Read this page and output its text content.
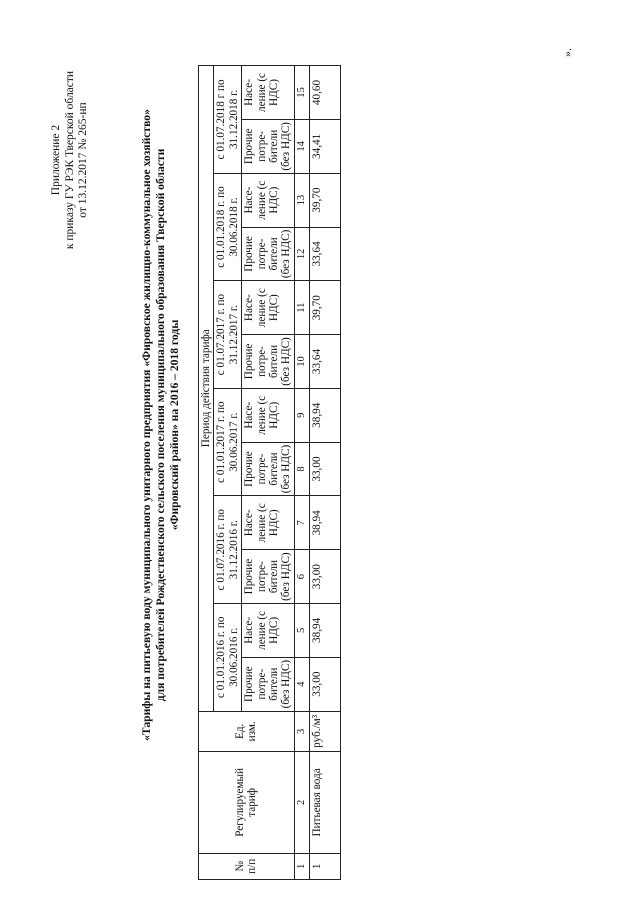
Приложение 2 к приказу ГУ РЭК Тверской области от 13.12.2017 № 265-нп	«Тарифы на питьевую воду муниципального унитарного предприятия «Фировское жилищно-коммунальное хозяйство» для потребителей Рождественского сельского поселения муниципального образования Тверской области «Фировский район» на 2016 – 2018 годы
№ п/п	Регулируемый тариф	Ед. изм.	Период действия тарифа											
			с 01.01.2016 г. по 30.06.2016 г.		с 01.07.2016 г. по 31.12.2016 г.		с 01.01.2017 г. по 30.06.2017 г.		с 01.07.2017 г. по 31.12.2017 г.		с 01.01.2018 г. по 30.06.2018 г.		с 01.07.2018 г по 31.12.2018 г.	
			Прочие потре-бители (без НДС)	Насе-ление (с НДС)	Прочие потре-бители (без НДС)	Насе-ление (с НДС)	Прочие потре-бители (без НДС)	Насе-ление (с НДС)	Прочие потре-бители (без НДС)	Насе-ление (с НДС)	Прочие потре-бители (без НДС)	Насе-ление (с НДС)	Прочие потре-бители (без НДС)	Насе-ление (с НДС)
1	2	3	4	5	6	7	8	9	10	11	12	13	14	15
1	Питьевая вода	руб./м³	33,00	38,94	33,00	38,94	33,00	38,94	33,64	39,70	33,64	39,70	34,41	40,60
».
